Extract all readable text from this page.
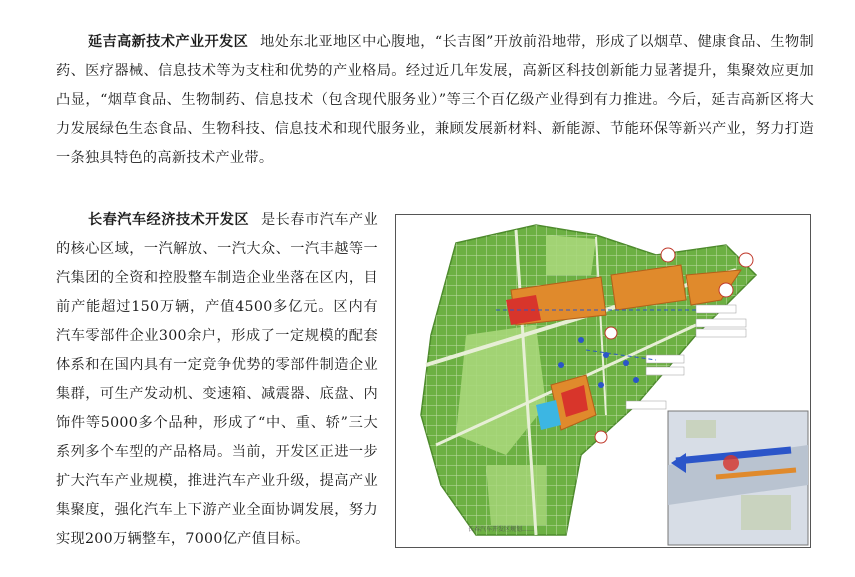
延吉高新技术产业开发区 地处东北亚地区中心腹地，“长吉图”开放前沿地带，形成了以烟草、健康食品、生物制药、医疗器械、信息技术等为支柱和优势的产业格局。经过近几年发展，高新区科技创新能力显著提升，集聚效应更加凸显，“烟草食品、生物制药、信息技术（包含现代服务业）”等三个百亿级产业得到有力推进。今后，延吉高新区将大力发展绿色生态食品、生物科技、信息技术和现代服务业，兼顾发展新材料、新能源、节能环保等新兴产业，努力打造一条独具特色的高新技术产业带。

长春汽车经济技术开发区 是长春市汽车产业的核心区域，一汽解放、一汽大众、一汽丰越等一汽集团的全资和控股整车制造企业坐落在区内，目前产能超过150万辆，产值4500多亿元。区内有汽车零部件企业300余户，形成了一定规模的配套体系和在国内具有一定竞争优势的零部件制造企业集群，可生产发动机、变速箱、减震器、底盘、内饰件等5000多个品种，形成了“中、重、轿”三大系列多个车型的产品格局。当前，开发区正进一步扩大汽车产业规模，推进汽车产业升级，提高产业集聚度，强化汽车上下游产业全面协调发展，努力实现200万辆整车，7000亿产值目标。

长春汽车开发区规划……
